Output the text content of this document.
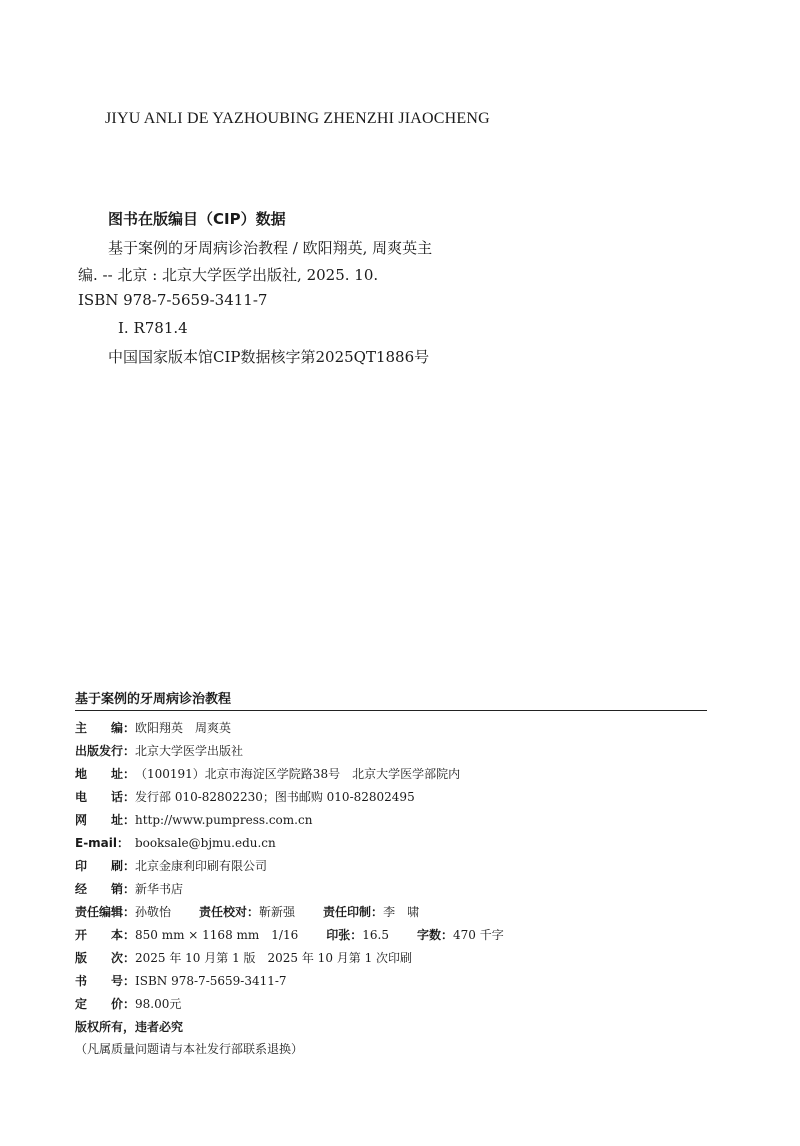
JIYU ANLI DE YAZHOUBING ZHENZHI JIAOCHENG
图书在版编目（CIP）数据
基于案例的牙周病诊治教程 / 欧阳翔英, 周爽英主
编. -- 北京 : 北京大学医学出版社, 2025. 10.
ISBN 978-7-5659-3411-7
Ⅰ. R781.4
中国国家版本馆CIP数据核字第2025QT1886号
基于案例的牙周病诊治教程
主　　编： 欧阳翔英　周爽英
出版发行： 北京大学医学出版社
地　　址： （100191）北京市海淀区学院路38号　北京大学医学部院内
电　　话： 发行部 010-82802230；图书邮购 010-82802495
网　　址： http://www.pumpress.com.cn
E-mail： booksale@bjmu.edu.cn
印　　刷： 北京金康利印刷有限公司
经　　销： 新华书店
责任编辑： 孙敬怡 责任校对： 靳新强 责任印制： 李　啸
开　　本： 850 mm × 1168 mm　1/16 印张： 16.5 字数： 470 千字
版　　次： 2025 年 10 月第 1 版　2025 年 10 月第 1 次印刷
书　　号： ISBN 978-7-5659-3411-7
定　　价： 98.00元
版权所有，违者必究
（凡属质量问题请与本社发行部联系退换）
